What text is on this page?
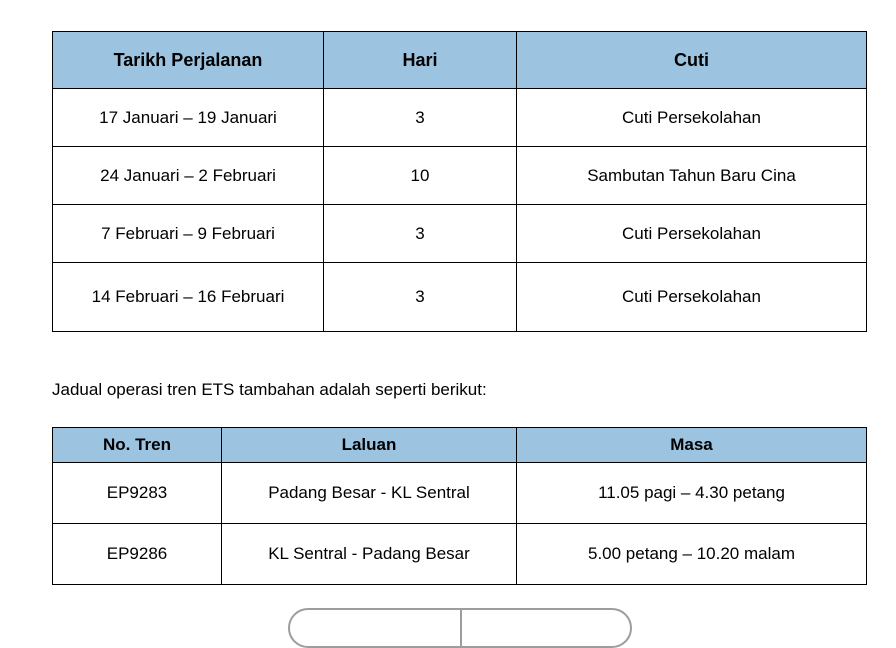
Tarikh Perjalanan	Hari	Cuti
17 Januari – 19 Januari	3	Cuti Persekolahan
24 Januari – 2 Februari	10	Sambutan Tahun Baru Cina
7 Februari – 9 Februari	3	Cuti Persekolahan
14 Februari – 16 Februari	3	Cuti Persekolahan
Jadual operasi tren ETS tambahan adalah seperti berikut:
No. Tren	Laluan	Masa
EP9283	Padang Besar - KL Sentral	11.05 pagi – 4.30 petang
EP9286	KL Sentral - Padang Besar	5.00 petang – 10.20 malam
